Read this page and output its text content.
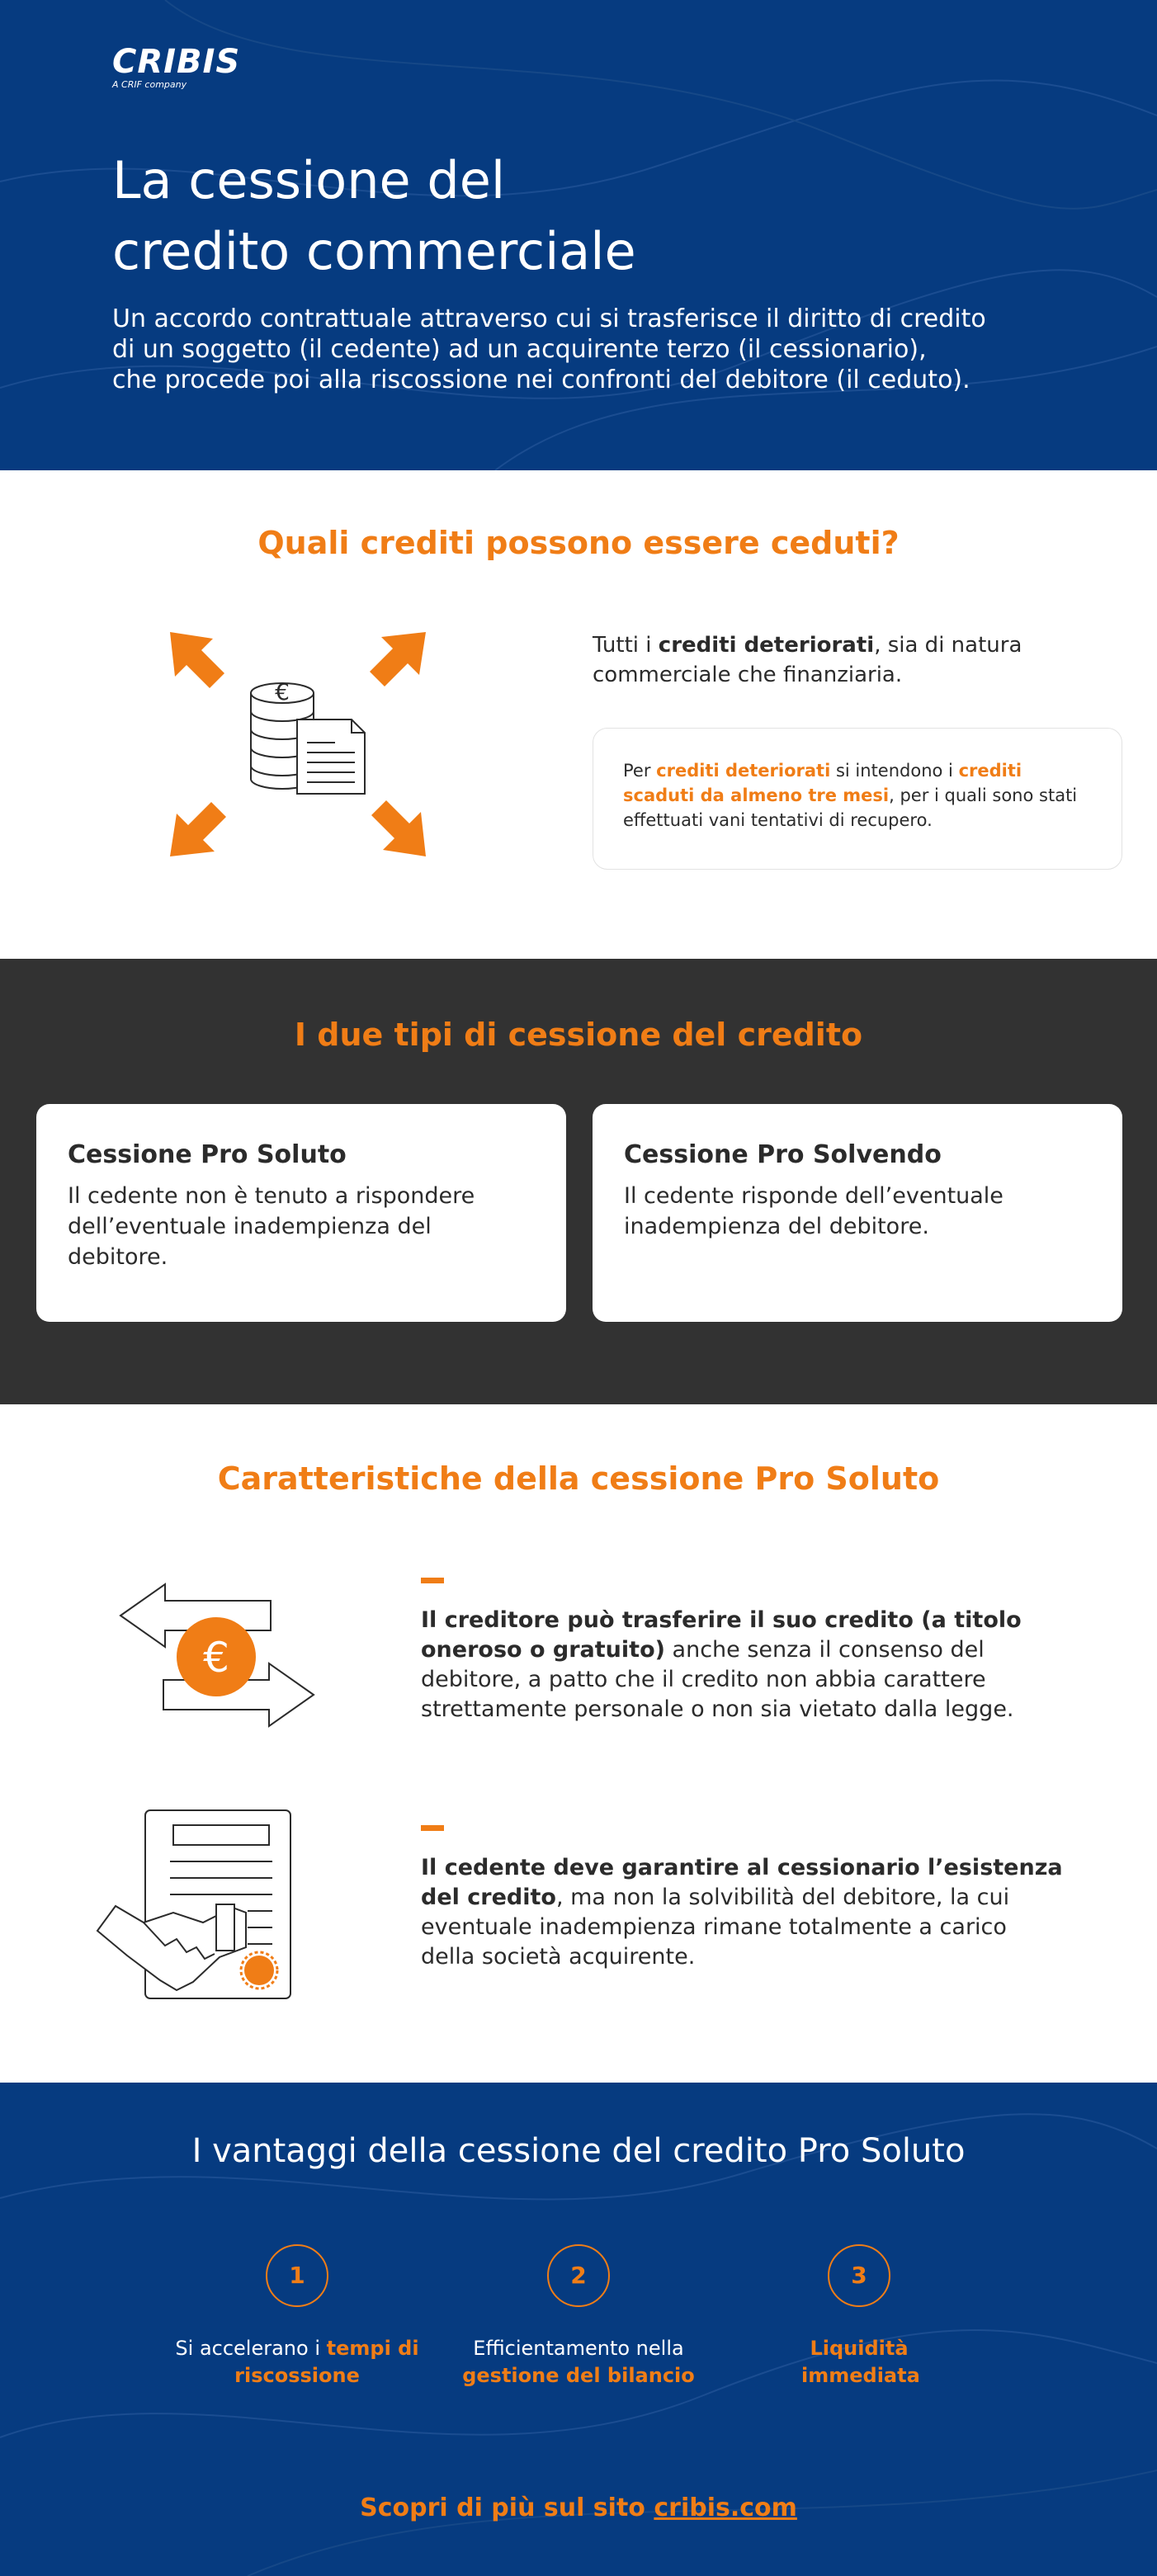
CRIBIS
A CRIF company
La cessione del
credito commerciale
Un accordo contrattuale attraverso cui si trasferisce il diritto di credito
di un soggetto (il cedente) ad un acquirente terzo (il cessionario),
che procede poi alla riscossione nei confronti del debitore (il ceduto).
Quali crediti possono essere ceduti?
€
Tutti i crediti deteriorati, sia di natura commerciale che finanziaria.
Per crediti deteriorati si intendono i crediti scaduti da almeno tre mesi, per i quali sono stati effettuati vani tentativi di recupero.
I due tipi di cessione del credito
Cessione Pro Soluto

Il cedente non è tenuto a rispondere dell’eventuale inadempienza del debitore.

Cessione Pro Solvendo

Il cedente risponde dell’eventuale inadempienza del debitore.

Caratteristiche della cessione Pro Soluto
€
Il creditore può trasferire il suo credito (a titolo oneroso o gratuito) anche senza il consenso del debitore, a patto che il credito non abbia carattere strettamente personale o non sia vietato dalla legge.
Il cedente deve garantire al cessionario l’esistenza del credito, ma non la solvibilità del debitore, la cui eventuale inadempienza rimane totalmente a carico della società acquirente.
I vantaggi della cessione del credito Pro Soluto
1
Si accelerano i tempi di riscossione
2
Efficientamento nella gestione del bilancio
3
Liquidità immediata
Scopri di più sul sito cribis.com
